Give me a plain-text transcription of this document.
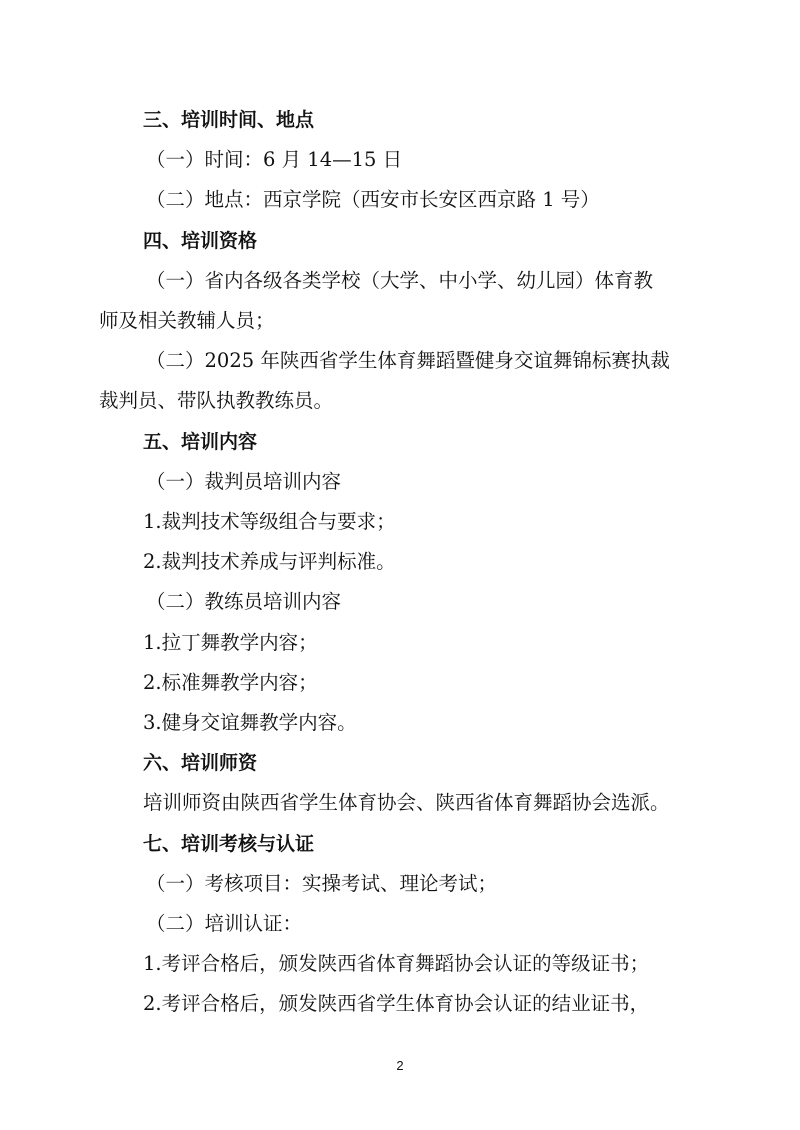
三、培训时间、地点
（一）时间：6 月 14—15 日
（二）地点：西京学院（西安市长安区西京路 1 号）
四、培训资格
（一）省内各级各类学校（大学、中小学、幼儿园）体育教
师及相关教辅人员；
（二）2025 年陕西省学生体育舞蹈暨健身交谊舞锦标赛执裁
裁判员、带队执教教练员。
五、培训内容
（一）裁判员培训内容
1.裁判技术等级组合与要求；
2.裁判技术养成与评判标准。
（二）教练员培训内容
1.拉丁舞教学内容；
2.标准舞教学内容；
3.健身交谊舞教学内容。
六、培训师资
培训师资由陕西省学生体育协会、陕西省体育舞蹈协会选派。
七、培训考核与认证
（一）考核项目：实操考试、理论考试；
（二）培训认证：
1.考评合格后，颁发陕西省体育舞蹈协会认证的等级证书；
2.考评合格后，颁发陕西省学生体育协会认证的结业证书，
2
